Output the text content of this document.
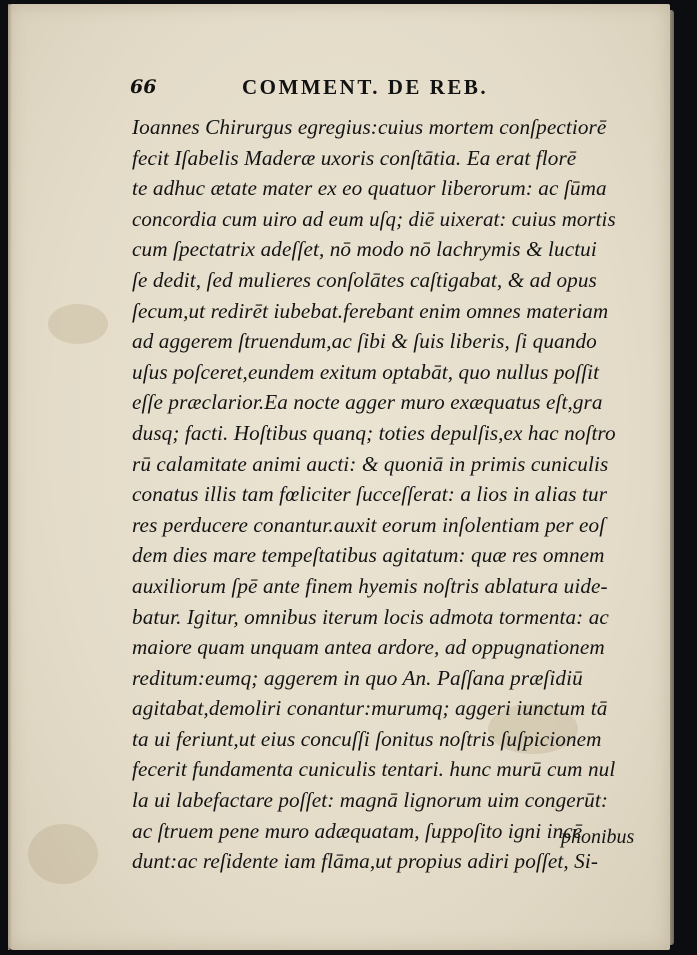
66	COMMENT. DE REB.
Ioannes Chirurgus egregius:cuius mortem conſpectiorē
fecit Iſabelis Maderæ uxoris conſtātia. Ea erat florē
te adhuc ætate mater ex eo quatuor liberorum: ac ſūma
concordia cum uiro ad eum uſq; diē uixerat: cuius mortis
cum ſpectatrix adeſſet, nō modo nō lachrymis & luctui
ſe dedit, ſed mulieres conſolātes caſtigabat, & ad opus
ſecum,ut redirēt iubebat.ferebant enim omnes materiam
ad aggerem ſtruendum,ac ſibi & ſuis liberis, ſi quando
uſus poſceret,eundem exitum optabāt, quo nullus poſſit
eſſe præclarior.Ea nocte agger muro exæquatus eſt,gra
dusq; facti. Hoſtibus quanq; toties depulſis,ex hac noſtro
rū calamitate animi aucti: & quoniā in primis cuniculis
conatus illis tam fœliciter ſucceſſerat: a lios in alias tur
res perducere conantur.auxit eorum inſolentiam per eoſ
dem dies mare tempeſtatibus agitatum: quæ res omnem
auxiliorum ſpē ante finem hyemis noſtris ablatura uide-
batur. Igitur, omnibus iterum locis admota tormenta: ac
maiore quam unquam antea ardore, ad oppugnationem
reditum:eumq; aggerem in quo An. Paſſana præſidiū
agitabat,demoliri conantur:murumq; aggeri iunctum tā
ta ui feriunt,ut eius concuſſi ſonitus noſtris ſuſpicionem
fecerit fundamenta cuniculis tentari. hunc murū cum nul
la ui labefactare poſſet: magnā lignorum uim congerūt:
ac ſtruem pene muro adæquatam, ſuppoſito igni incē
dunt:ac reſidente iam flāma,ut propius adiri poſſet, Si-
phonibus
